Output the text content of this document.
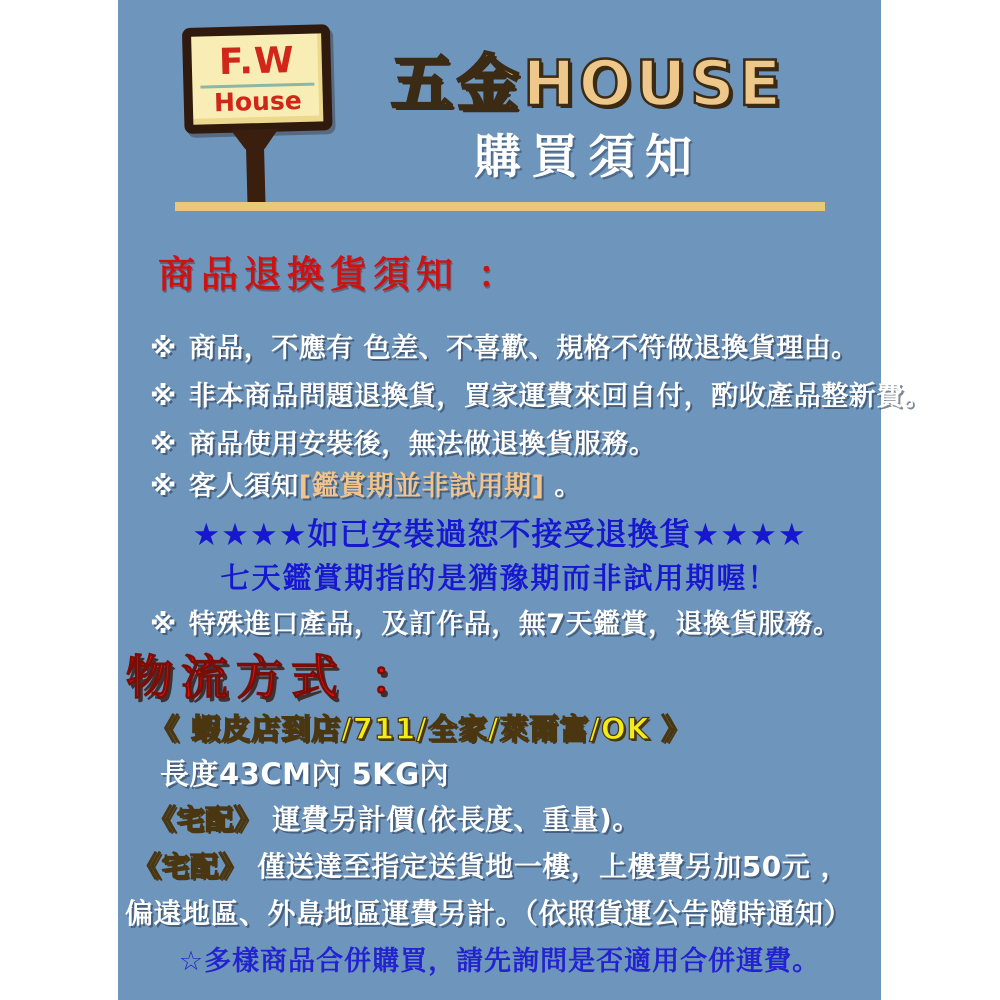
F.W
House	五金HOUSE
購買須知
商品退換貨須知 ：
※ 商品，不應有 色差、不喜歡、規格不符做退換貨理由。
※ 非本商品問題退換貨，買家運費來回自付，酌收產品整新費。
※ 商品使用安裝後，無法做退換貨服務。
※ 客人須知[鑑賞期並非試用期] 。
★★★★如已安裝過恕不接受退換貨★★★★
七天鑑賞期指的是猶豫期而非試用期喔！
※ 特殊進口產品，及訂作品，無7天鑑賞，退換貨服務。
物流方式 ：
《 蝦皮店到店/711/全家/萊爾富/OK 》
長度43CM內 5KG內
《宅配》 運費另計價(依長度、重量)。
《宅配》 僅送達至指定送貨地一樓，上樓費另加50元 ，
偏遠地區、外島地區運費另計。（依照貨運公告隨時通知）
☆多樣商品合併購買，請先詢問是否適用合併運費。
